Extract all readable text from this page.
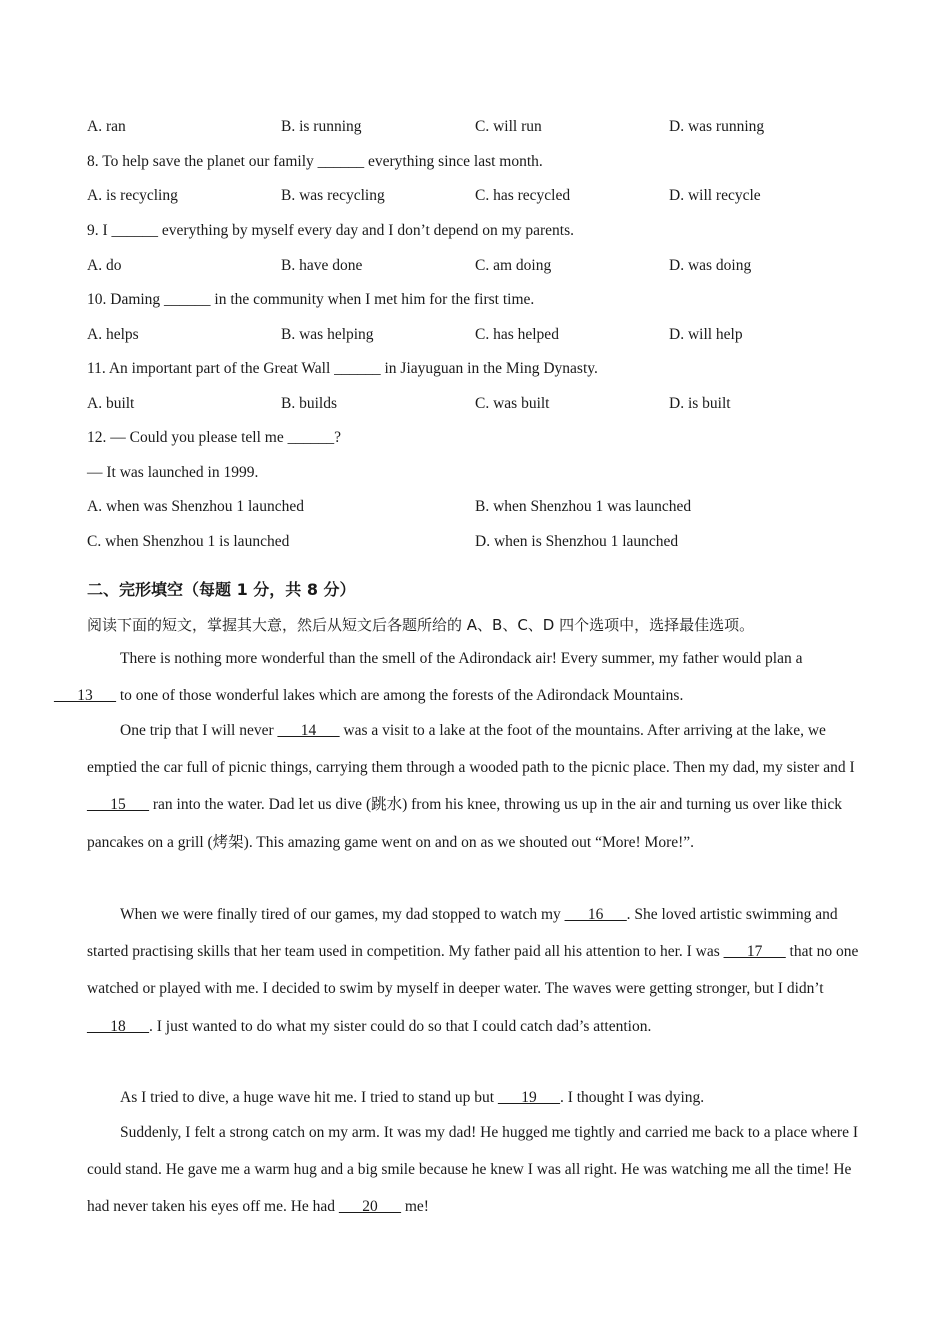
A. ran	B. is running	C. will run	D. was running
8. To help save the planet our family ______ everything since last month.
A. is recycling	B. was recycling	C. has recycled	D. will recycle
9. I ______ everything by myself every day and I don’t depend on my parents.
A. do	B. have done	C. am doing	D. was doing
10. Daming ______ in the community when I met him for the first time.
A. helps	B. was helping	C. has helped	D. will help
11. An important part of the Great Wall ______ in Jiayuguan in the Ming Dynasty.
A. built	B. builds	C. was built	D. is built
12. — Could you please tell me ______?
— It was launched in 1999.
A. when was Shenzhou 1 launched	B. when Shenzhou 1 was launched
C. when Shenzhou 1 is launched	D. when is Shenzhou 1 launched
二、完形填空（每题 1 分，共 8 分）
阅读下面的短文，掌握其大意，然后从短文后各题所给的 A、B、C、D 四个选项中，选择最佳选项。
There is nothing more wonderful than the smell of the Adirondack air! Every summer, my father would plan a
___13___ to one of those wonderful lakes which are among the forests of the Adirondack Mountains.
One trip that I will never ___14___ was a visit to a lake at the foot of the mountains. After arriving at the lake, we emptied the car full of picnic things, carrying them through a wooded path to the picnic place. Then my dad, my sister and I ___15___ ran into the water. Dad let us dive (跳水) from his knee, throwing us up in the air and turning us over like thick pancakes on a grill (烤架). This amazing game went on and on as we shouted out “More! More!”.
When we were finally tired of our games, my dad stopped to watch my ___16___. She loved artistic swimming and started practising skills that her team used in competition. My father paid all his attention to her. I was ___17___ that no one watched or played with me. I decided to swim by myself in deeper water. The waves were getting stronger, but I didn’t ___18___. I just wanted to do what my sister could do so that I could catch dad’s attention.
As I tried to dive, a huge wave hit me. I tried to stand up but ___19___. I thought I was dying.
Suddenly, I felt a strong catch on my arm. It was my dad! He hugged me tightly and carried me back to a place where I could stand. He gave me a warm hug and a big smile because he knew I was all right. He was watching me all the time! He had never taken his eyes off me. He had ___20___ me!
